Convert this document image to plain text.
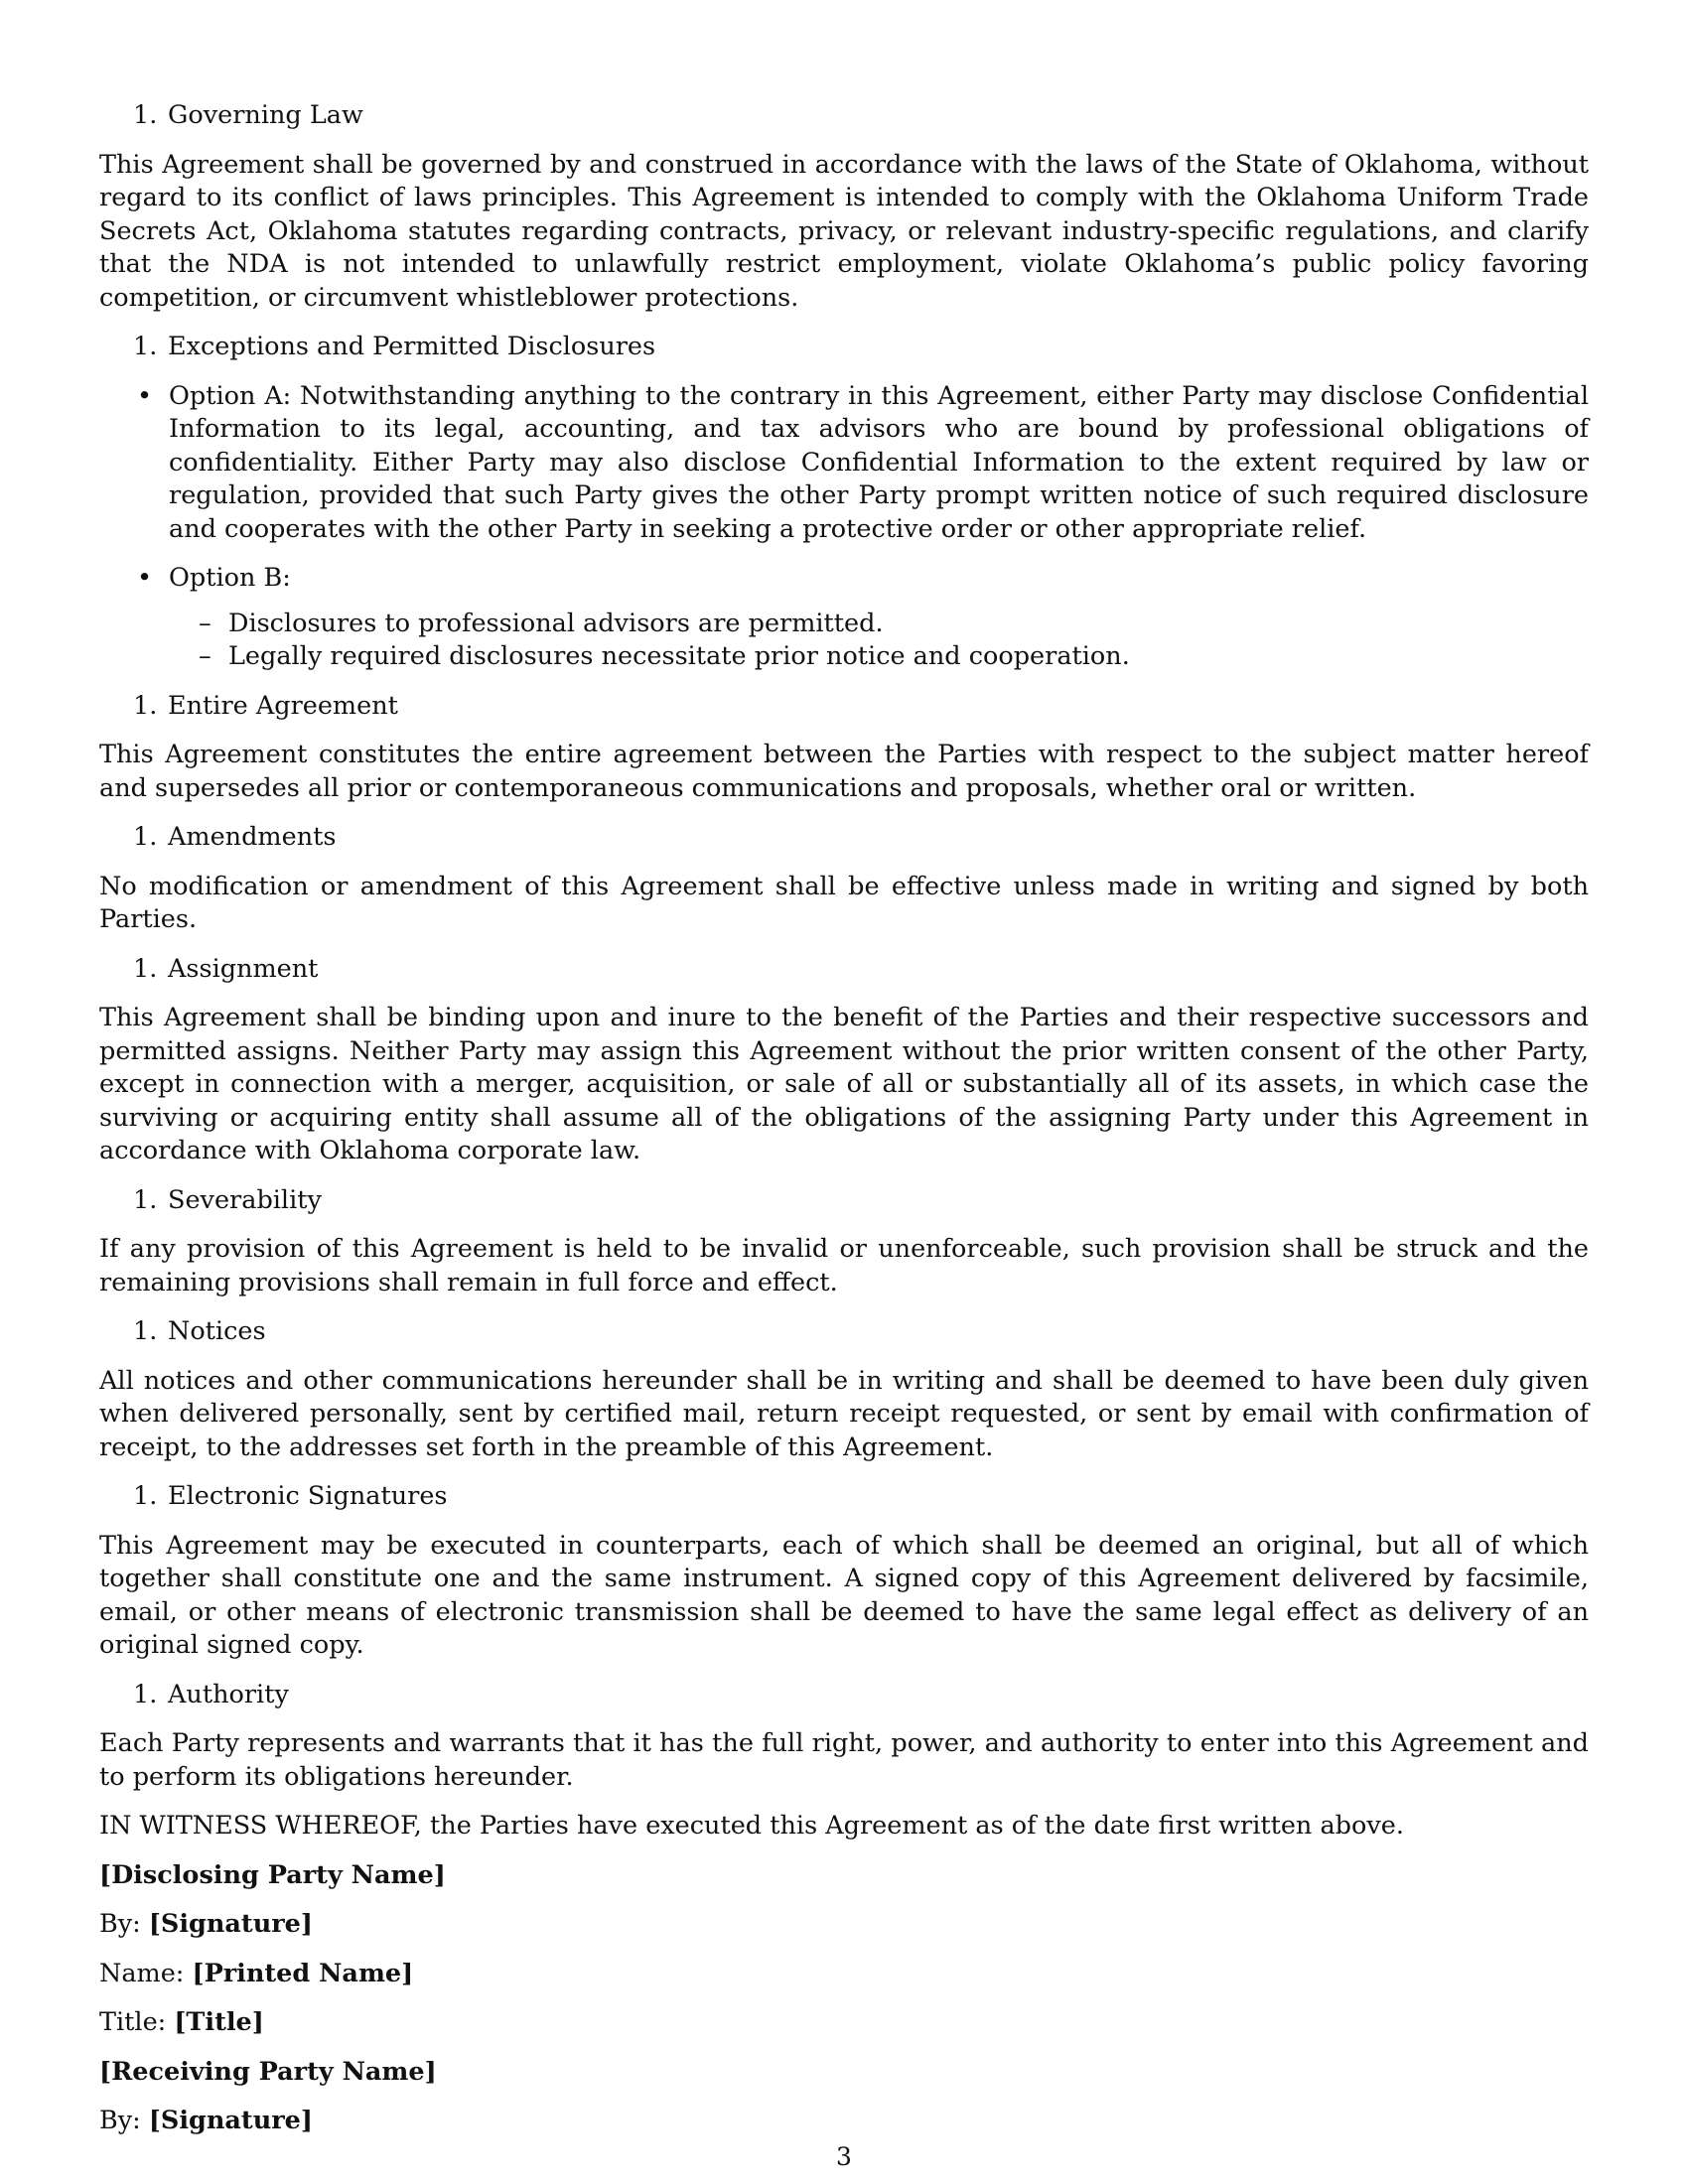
1. Governing Law

This Agreement shall be governed by and construed in accordance with the laws of the State of Oklahoma, without regard to its conflict of laws principles. This Agreement is intended to comply with the Oklahoma Uniform Trade Secrets Act, Oklahoma statutes regarding contracts, privacy, or relevant industry-specific regulations, and clarify that the NDA is not intended to unlawfully restrict employment, violate Oklahoma’s public policy favoring competition, or circumvent whistleblower protections.

1. Exceptions and Permitted Disclosures
• Option A: Notwithstanding anything to the contrary in this Agreement, either Party may disclose Confidential Information to its legal, accounting, and tax advisors who are bound by professional obligations of confidentiality. Either Party may also disclose Confidential Information to the extent required by law or regulation, provided that such Party gives the other Party prompt written notice of such required disclosure and cooperates with the other Party in seeking a protective order or other appropriate relief.
• Option B:
– Disclosures to professional advisors are permitted.
– Legally required disclosures necessitate prior notice and cooperation.
1. Entire Agreement

This Agreement constitutes the entire agreement between the Parties with respect to the subject matter hereof and supersedes all prior or contemporaneous communications and proposals, whether oral or written.

1. Amendments

No modification or amendment of this Agreement shall be effective unless made in writing and signed by both Parties.

1. Assignment

This Agreement shall be binding upon and inure to the benefit of the Parties and their respective successors and permitted assigns. Neither Party may assign this Agreement without the prior written consent of the other Party, except in connection with a merger, acquisition, or sale of all or substantially all of its assets, in which case the surviving or acquiring entity shall assume all of the obligations of the assigning Party under this Agreement in accordance with Oklahoma corporate law.

1. Severability

If any provision of this Agreement is held to be invalid or unenforceable, such provision shall be struck and the remaining provisions shall remain in full force and effect.

1. Notices

All notices and other communications hereunder shall be in writing and shall be deemed to have been duly given when delivered personally, sent by certified mail, return receipt requested, or sent by email with confirmation of receipt, to the addresses set forth in the preamble of this Agreement.

1. Electronic Signatures

This Agreement may be executed in counterparts, each of which shall be deemed an original, but all of which together shall constitute one and the same instrument. A signed copy of this Agreement delivered by facsimile, email, or other means of electronic transmission shall be deemed to have the same legal effect as delivery of an original signed copy.

1. Authority

Each Party represents and warrants that it has the full right, power, and authority to enter into this Agreement and to perform its obligations hereunder.

IN WITNESS WHEREOF, the Parties have executed this Agreement as of the date first written above.

[Disclosing Party Name]
By: [Signature]
Name: [Printed Name]
Title: [Title]
[Receiving Party Name]
By: [Signature]
3
